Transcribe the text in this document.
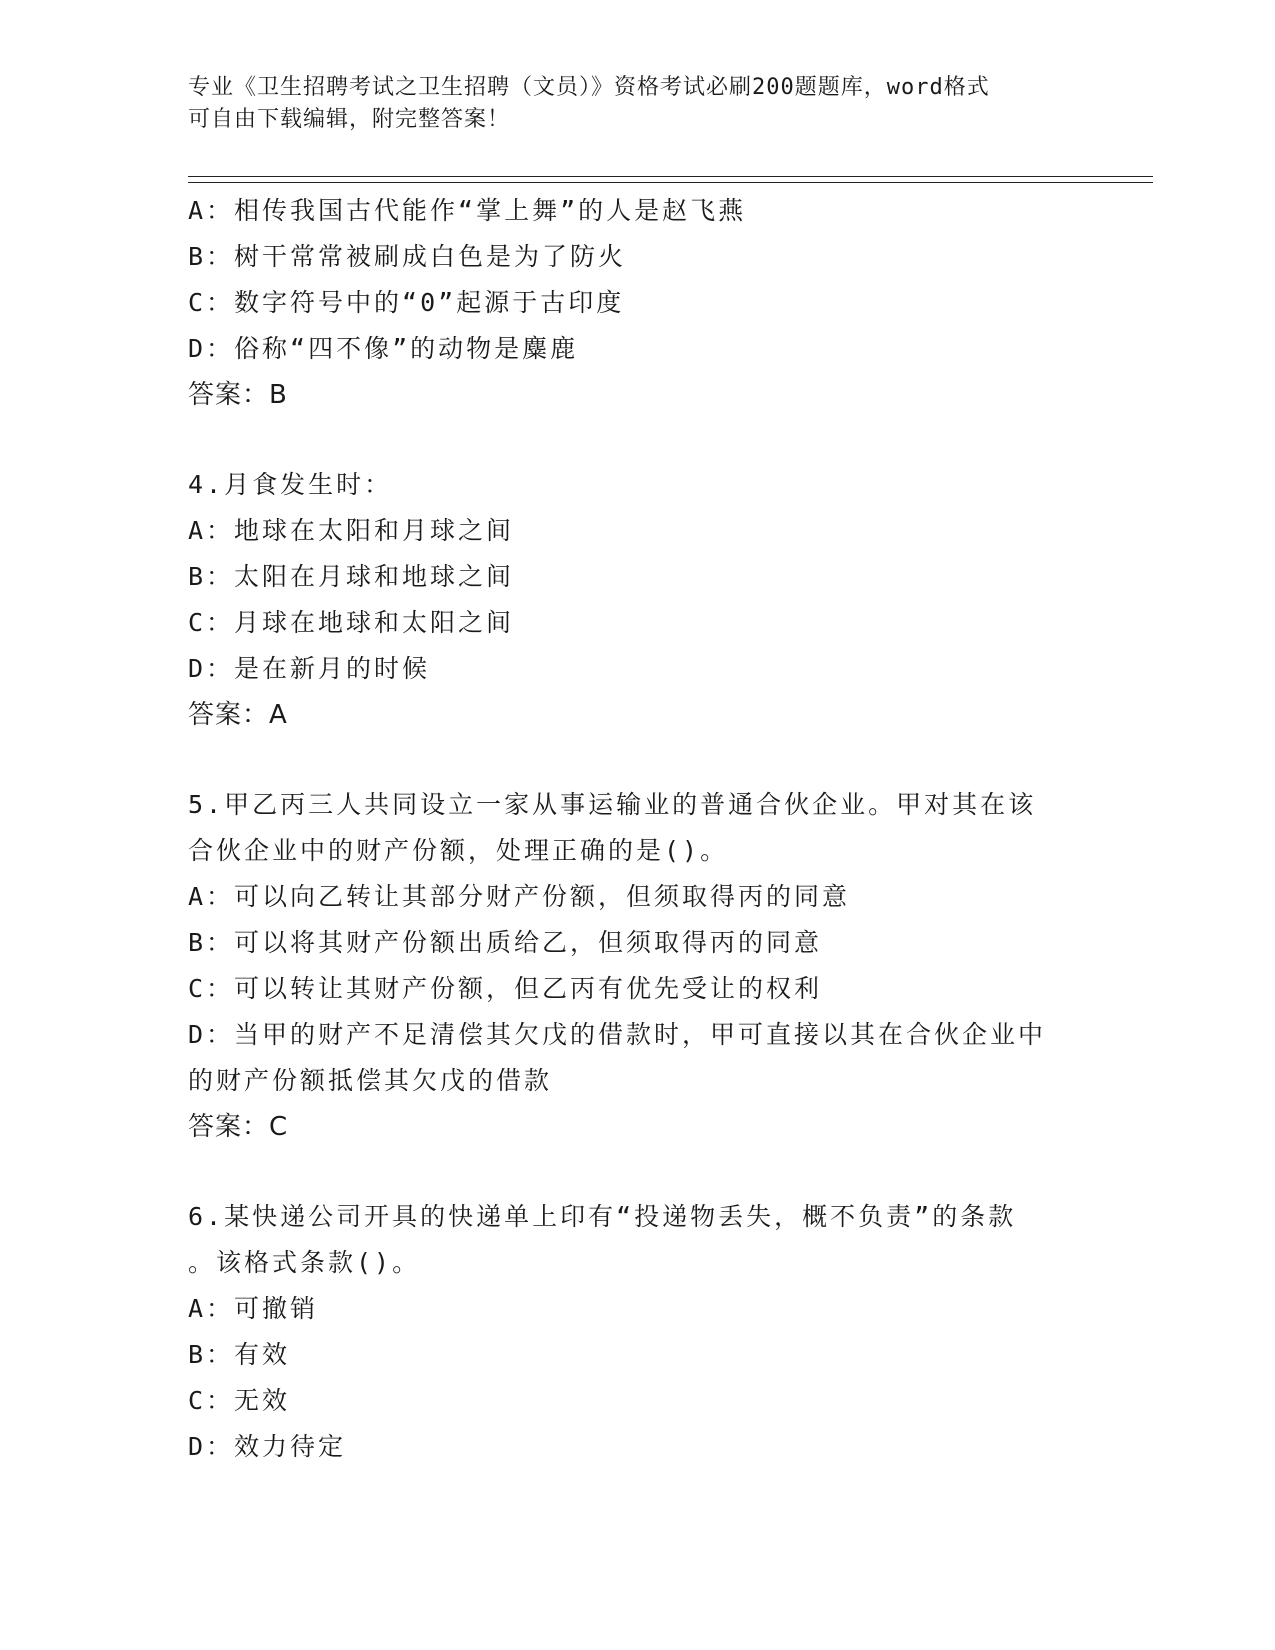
专业《卫生招聘考试之卫生招聘（文员）》资格考试必刷200题题库，word格式
可自由下载编辑，附完整答案！
A：相传我国古代能作“掌上舞”的人是赵飞燕
B：树干常常被刷成白色是为了防火
C：数字符号中的“0”起源于古印度
D：俗称“四不像”的动物是麋鹿
答案：B
4.月食发生时：
A：地球在太阳和月球之间
B：太阳在月球和地球之间
C：月球在地球和太阳之间
D：是在新月的时候
答案：A
5.甲乙丙三人共同设立一家从事运输业的普通合伙企业。甲对其在该
合伙企业中的财产份额，处理正确的是()。
A：可以向乙转让其部分财产份额，但须取得丙的同意
B：可以将其财产份额出质给乙，但须取得丙的同意
C：可以转让其财产份额，但乙丙有优先受让的权利
D：当甲的财产不足清偿其欠戊的借款时，甲可直接以其在合伙企业中
的财产份额抵偿其欠戊的借款
答案：C
6.某快递公司开具的快递单上印有“投递物丢失，概不负责”的条款
。该格式条款()。
A：可撤销
B：有效
C：无效
D：效力待定
